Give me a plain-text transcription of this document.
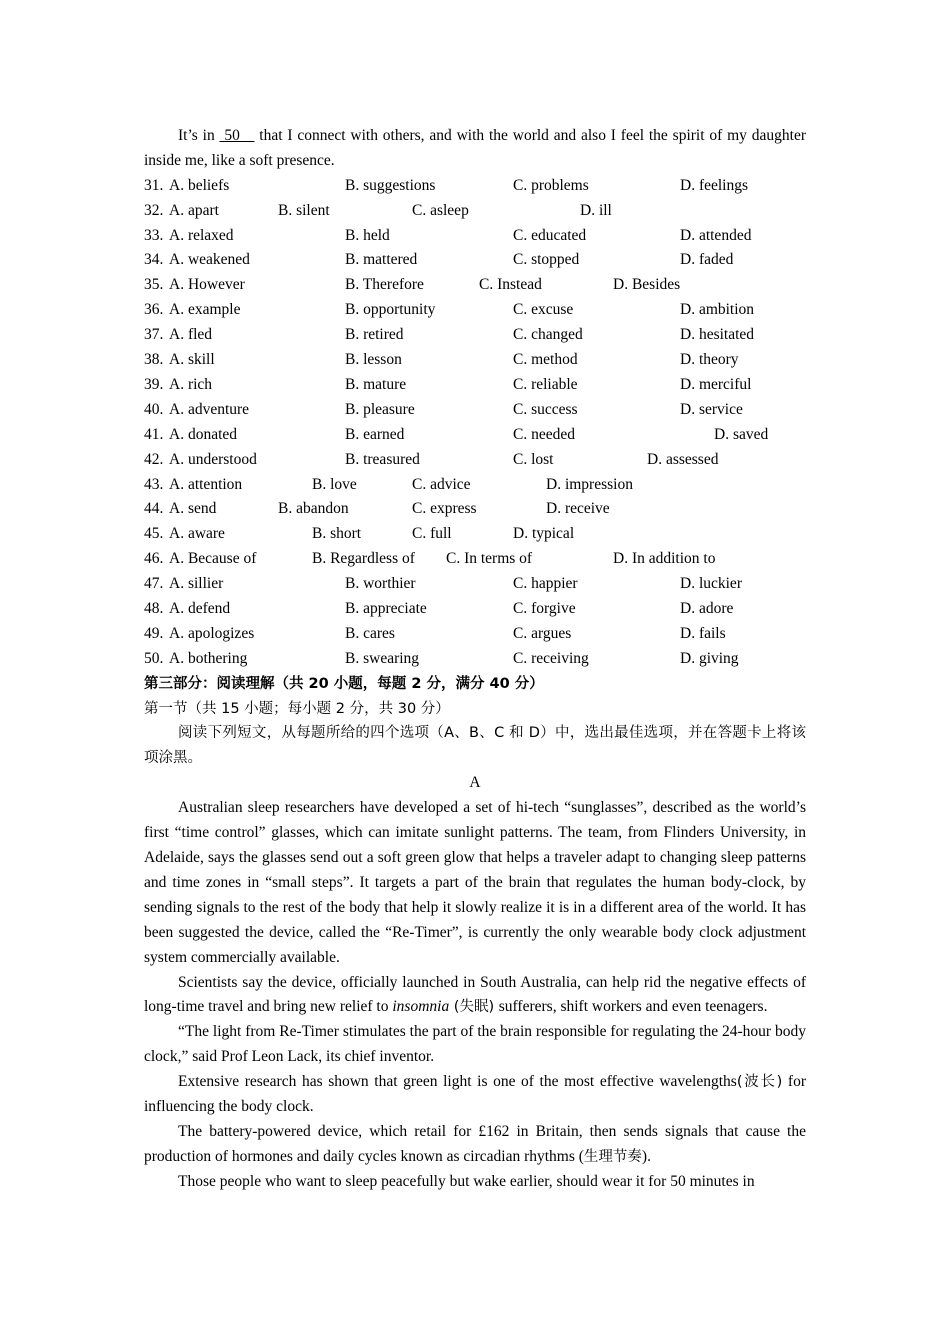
It’s in  50    that I connect with others, and with the world and also I feel the spirit of my daughter inside me, like a soft presence.

31. A. beliefs	B. suggestions	C. problems	D. feelings
32. A. apart	B. silent	C. asleep	D. ill
33. A. relaxed	B. held	C. educated	D. attended
34. A. weakened	B. mattered	C. stopped	D. faded
35. A. However	B. Therefore	C. Instead	D. Besides
36. A. example	B. opportunity	C. excuse	D. ambition
37. A. fled	B. retired	C. changed	D. hesitated
38. A. skill	B. lesson	C. method	D. theory
39. A. rich	B. mature	C. reliable	D. merciful
40. A. adventure	B. pleasure	C. success	D. service
41. A. donated	B. earned	C. needed	D. saved
42. A. understood	B. treasured	C. lost	D. assessed
43. A. attention	B. love	C. advice	D. impression
44. A. send	B. abandon	C. express	D. receive
45. A. aware	B. short	C. full	D. typical
46. A. Because of	B. Regardless of C. In terms of	D. In addition to
47. A. sillier	B. worthier	C. happier	D. luckier
48. A. defend	B. appreciate	C. forgive	D. adore
49. A. apologizes	B. cares	C. argues	D. fails
50. A. bothering	B. swearing	C. receiving	D. giving

第三部分：阅读理解（共 20 小题，每题 2 分，满分 40 分）

第一节（共 15 小题；每小题 2 分，共 30 分）

阅读下列短文，从每题所给的四个选项（A、B、C 和 D）中，选出最佳选项，并在答题卡上将该项涂黑。

A

Australian sleep researchers have developed a set of hi-tech “sunglasses”, described as the world’s first “time control” glasses, which can imitate sunlight patterns. The team, from Flinders University, in Adelaide, says the glasses send out a soft green glow that helps a traveler adapt to changing sleep patterns and time zones in “small steps”. It targets a part of the brain that regulates the human body-clock, by sending signals to the rest of the body that help it slowly realize it is in a different area of the world. It has been suggested the device, called the “Re-Timer”, is currently the only wearable body clock adjustment system commercially available.

Scientists say the device, officially launched in South Australia, can help rid the negative effects of long-time travel and bring new relief to insomnia (失眠) sufferers, shift workers and even teenagers.

“The light from Re-Timer stimulates the part of the brain responsible for regulating the 24-hour body clock,” said Prof Leon Lack, its chief inventor.

Extensive research has shown that green light is one of the most effective wavelengths(波长) for influencing the body clock.

The battery-powered device, which retail for £162 in Britain, then sends signals that cause the production of hormones and daily cycles known as circadian rhythms (生理节奏).

Those people who want to sleep peacefully but wake earlier, should wear it for 50 minutes in
